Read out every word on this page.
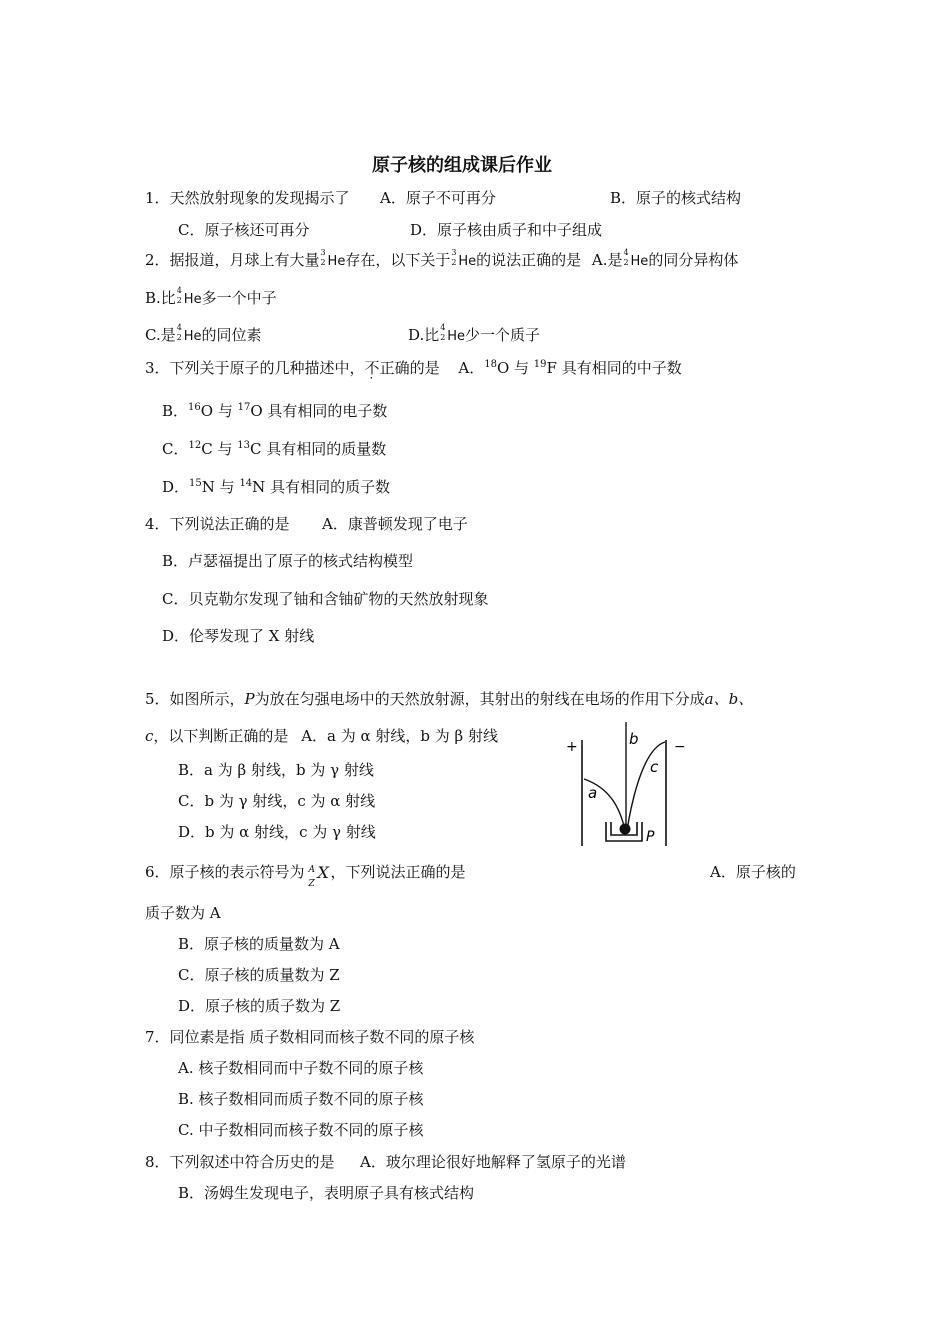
原子核的组成课后作业
1．天然放射现象的发现揭示了 A．原子不可再分	B．原子的核式结构
C．原子核还可再分	D．原子核由质子和中子组成
2．据报道，月球上有大量 3
2 He存在，以下关于 3
2 He的说法正确的是 A.是 4
2 He的同分异构体
B.比 4
2 He多一个中子
C.是 4
2 He的同位素	D.比 4
2 He少一个质子
3．下列关于原子的几种描述中，不正确的是 A．$^{18}$O 与 $^{19}$F 具有相同的中子数
B．$^{16}$O 与 $^{17}$O 具有相同的电子数
C．$^{12}$C 与 $^{13}$C 具有相同的质量数
D．$^{15}$N 与 $^{14}$N 具有相同的质子数
4．下列说法正确的是 A．康普顿发现了电子
B．卢瑟福提出了原子的核式结构模型
C．贝克勒尔发现了铀和含铀矿物的天然放射现象
D．伦琴发现了 X 射线
5．如图所示，P为放在匀强电场中的天然放射源，其射出的射线在电场的作用下分成a、b、
c，以下判断正确的是 A．a 为 α 射线，b 为 β 射线
B．a 为 β 射线，b 为 γ 射线
C．b 为 γ 射线，c 为 α 射线
D．b 为 α 射线，c 为 γ 射线
+	−
b
c
a
P
6．原子核的表示符号为 A
Z
X ，下列说法正确的是	A．原子核的
质子数为 A
B．原子核的质量数为 A
C．原子核的质量数为 Z
D．原子核的质子数为 Z
7．同位素是指 质子数相同而核子数不同的原子核
A. 核子数相同而中子数不同的原子核
B. 核子数相同而质子数不同的原子核
C. 中子数相同而核子数不同的原子核
8．下列叙述中符合历史的是 A．玻尔理论很好地解释了氢原子的光谱
B．汤姆生发现电子，表明原子具有核式结构
